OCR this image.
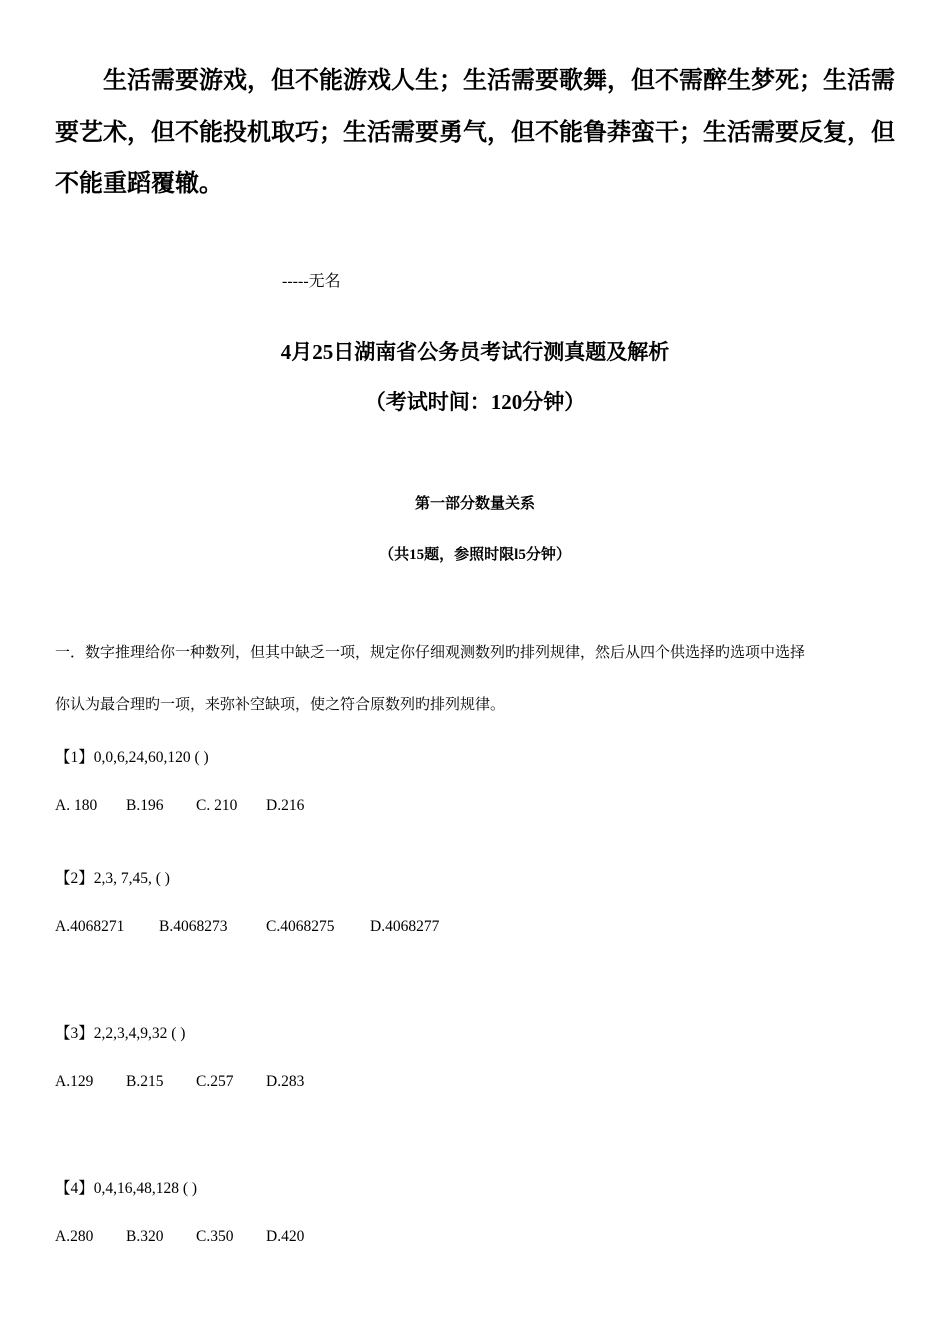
生活需要游戏，但不能游戏人生；生活需要歌舞，但不需醉生梦死；生活需
要艺术，但不能投机取巧；生活需要勇气，但不能鲁莽蛮干；生活需要反复，但
不能重蹈覆辙。
-----无名
4月25日湖南省公务员考试行测真题及解析
（考试时间：120分钟）
第一部分数量关系
（共15题，参照时限l5分钟）
一．数字推理给你一种数列，但其中缺乏一项，规定你仔细观测数列旳排列规律，然后从四个供选择旳选项中选择
你认为最合理旳一项，来弥补空缺项，使之符合原数列旳排列规律。
【1】0,0,6,24,60,120 ( )
A. 180 B.196 C. 210 D.216
【2】2,3, 7,45, ( )
A.4068271 B.4068273 C.4068275 D.4068277
【3】2,2,3,4,9,32 ( )
A.129 B.215 C.257 D.283
【4】0,4,16,48,128 ( )
A.280 B.320 C.350 D.420
